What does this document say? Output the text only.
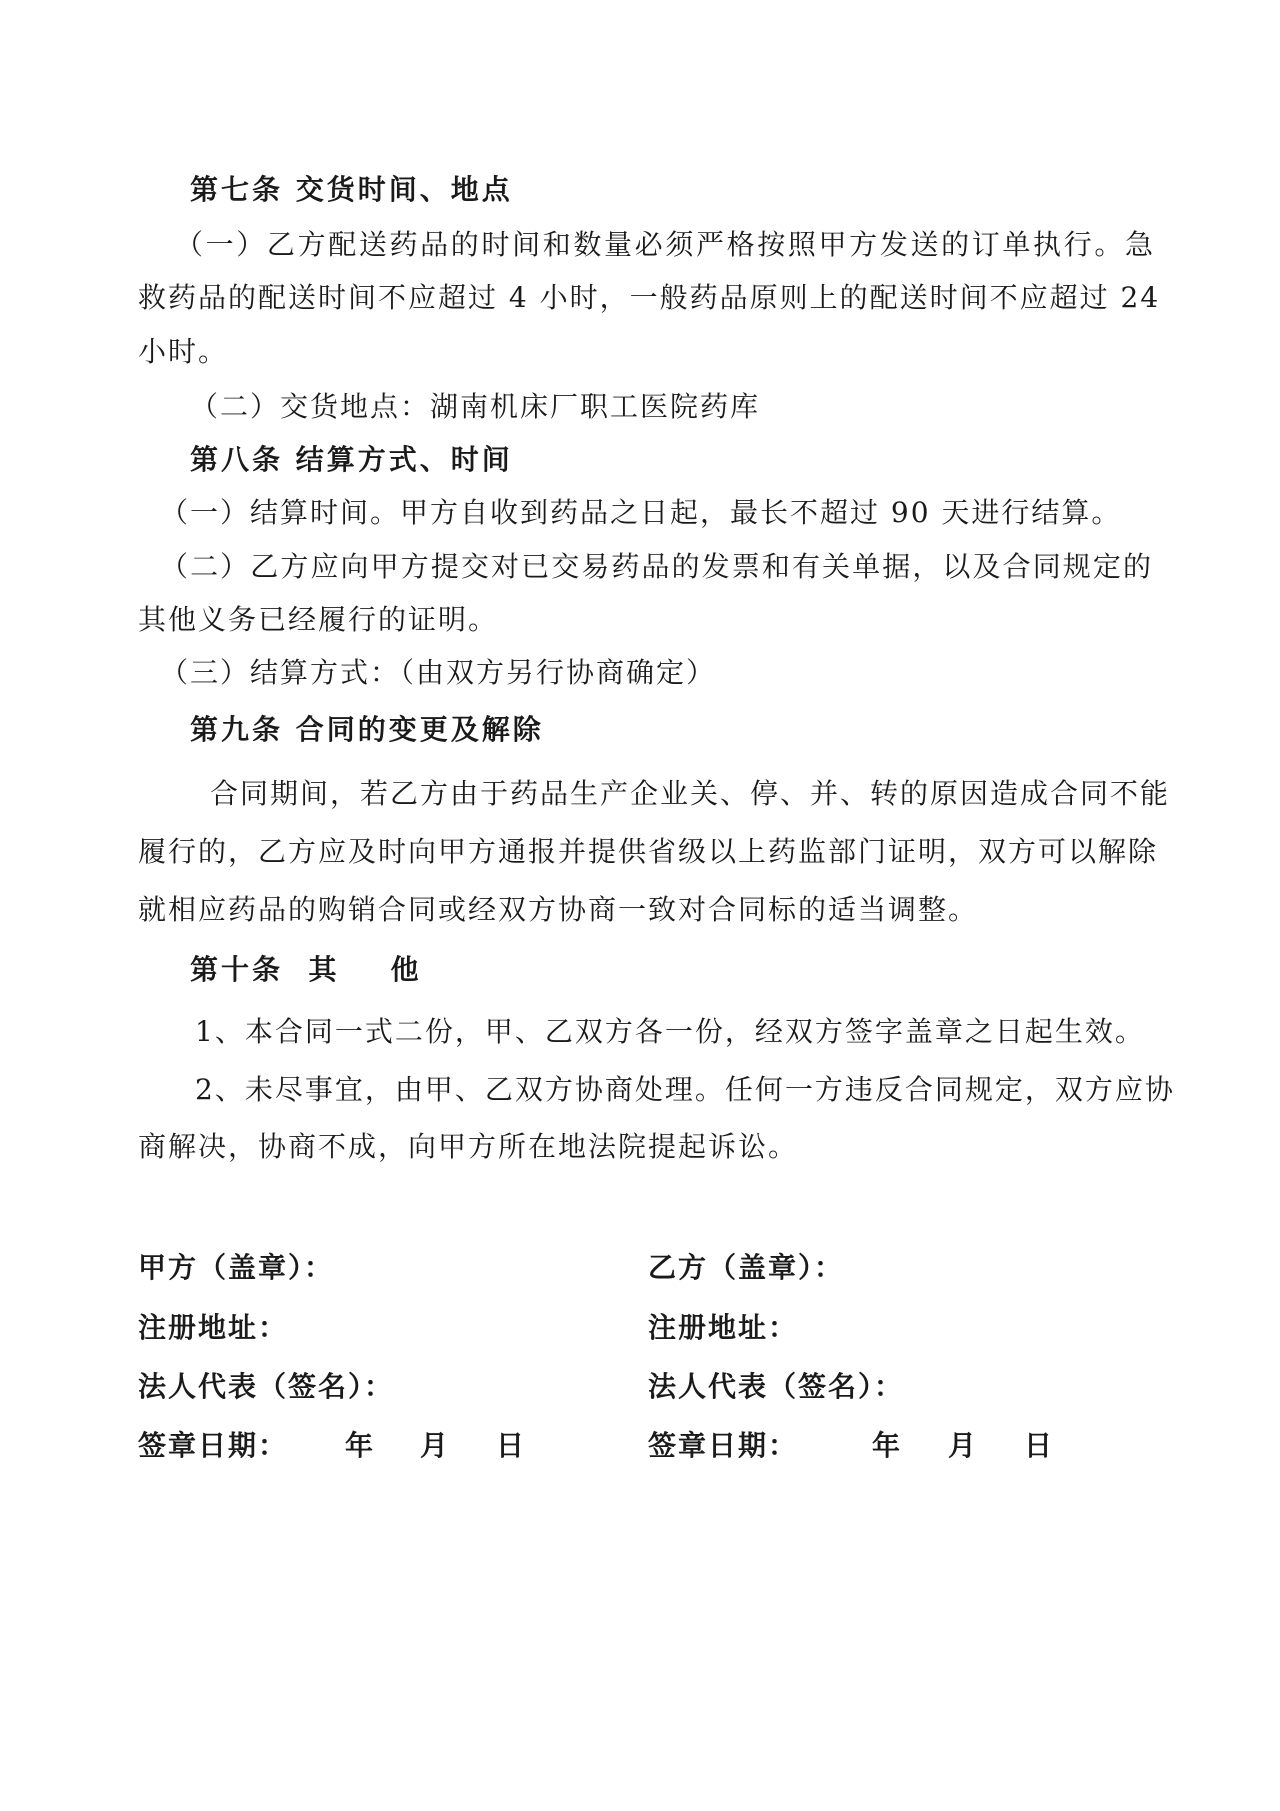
第七条 交货时间、地点
（一）乙方配送药品的时间和数量必须严格按照甲方发送的订单执行。急
救药品的配送时间不应超过 4 小时，一般药品原则上的配送时间不应超过 24
小时。
（二）交货地点：湖南机床厂职工医院药库
第八条 结算方式、时间
（一）结算时间。甲方自收到药品之日起，最长不超过 90 天进行结算。
（二）乙方应向甲方提交对已交易药品的发票和有关单据，以及合同规定的
其他义务已经履行的证明。
（三）结算方式：（由双方另行协商确定）
第九条 合同的变更及解除
合同期间，若乙方由于药品生产企业关、停、并、转的原因造成合同不能
履行的，乙方应及时向甲方通报并提供省级以上药监部门证明，双方可以解除
就相应药品的购销合同或经双方协商一致对合同标的适当调整。
第十条  其    他
1、本合同一式二份，甲、乙双方各一份，经双方签字盖章之日起生效。
2、未尽事宜，由甲、乙双方协商处理。任何一方违反合同规定，双方应协
商解决，协商不成，向甲方所在地法院提起诉讼。
甲方（盖章）：
注册地址：
法人代表（签名）：
签章日期： 年 月 日
乙方（盖章）：
注册地址：
法人代表（签名）：
签章日期：	年 月 日
